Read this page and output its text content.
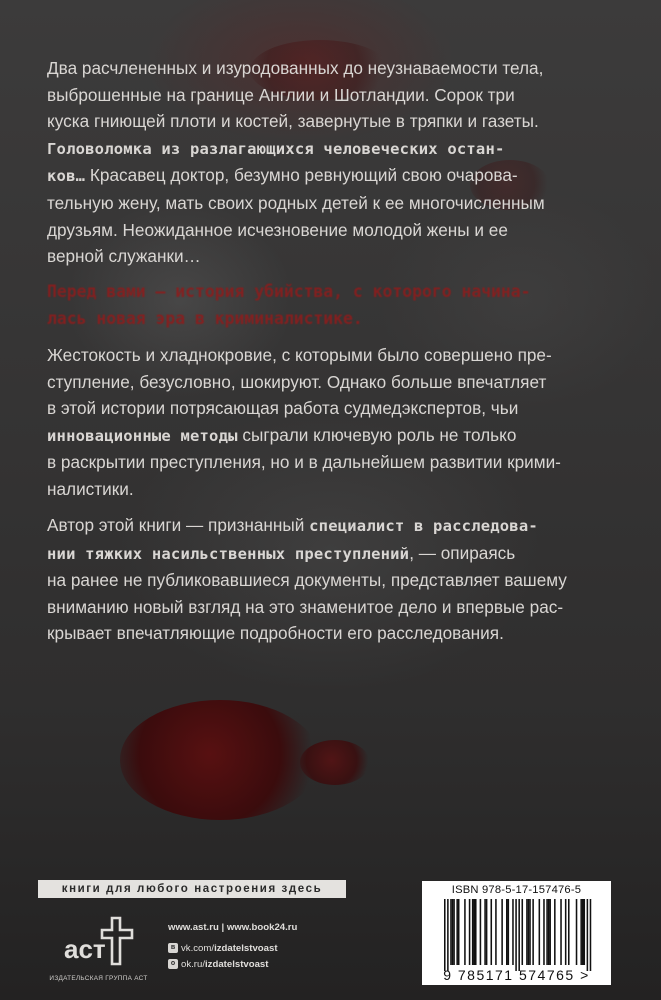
Два расчлененных и изуродованных до неузнаваемости тела,
выброшенные на границе Англии и Шотландии. Сорок три
куска гниющей плоти и костей, завернутые в тряпки и газеты.
Головоломка из разлагающихся человеческих остан-
ков… Красавец доктор, безумно ревнующий свою очарова-
тельную жену, мать своих родных детей к ее многочисленным
друзьям. Неожиданное исчезновение молодой жены и ее
верной служанки…
Перед вами — история убийства, с которого начина-
лась новая эра в криминалистике.
Жестокость и хладнокровие, с которыми было совершено пре-
ступление, безусловно, шокируют. Однако больше впечатляет
в этой истории потрясающая работа судмедэкспертов, чьи
инновационные методы сыграли ключевую роль не только
в раскрытии преступления, но и в дальнейшем развитии крими-
налистики.
Автор этой книги — признанный специалист в расследова-
нии тяжких насильственных преступлений, — опираясь
на ранее не публиковавшиеся документы, представляет вашему
вниманию новый взгляд на это знаменитое дело и впервые рас-
крывает впечатляющие подробности его расследования.
книги для любого настроения здесь
аст
ИЗДАТЕЛЬСКАЯ ГРУППА АСТ
www.ast.ru | www.book24.ru
в vk.com/izdatelstvoast
о ok.ru/izdatelstvoast
ISBN 978-5-17-157476-5
9 785171 574765 >
